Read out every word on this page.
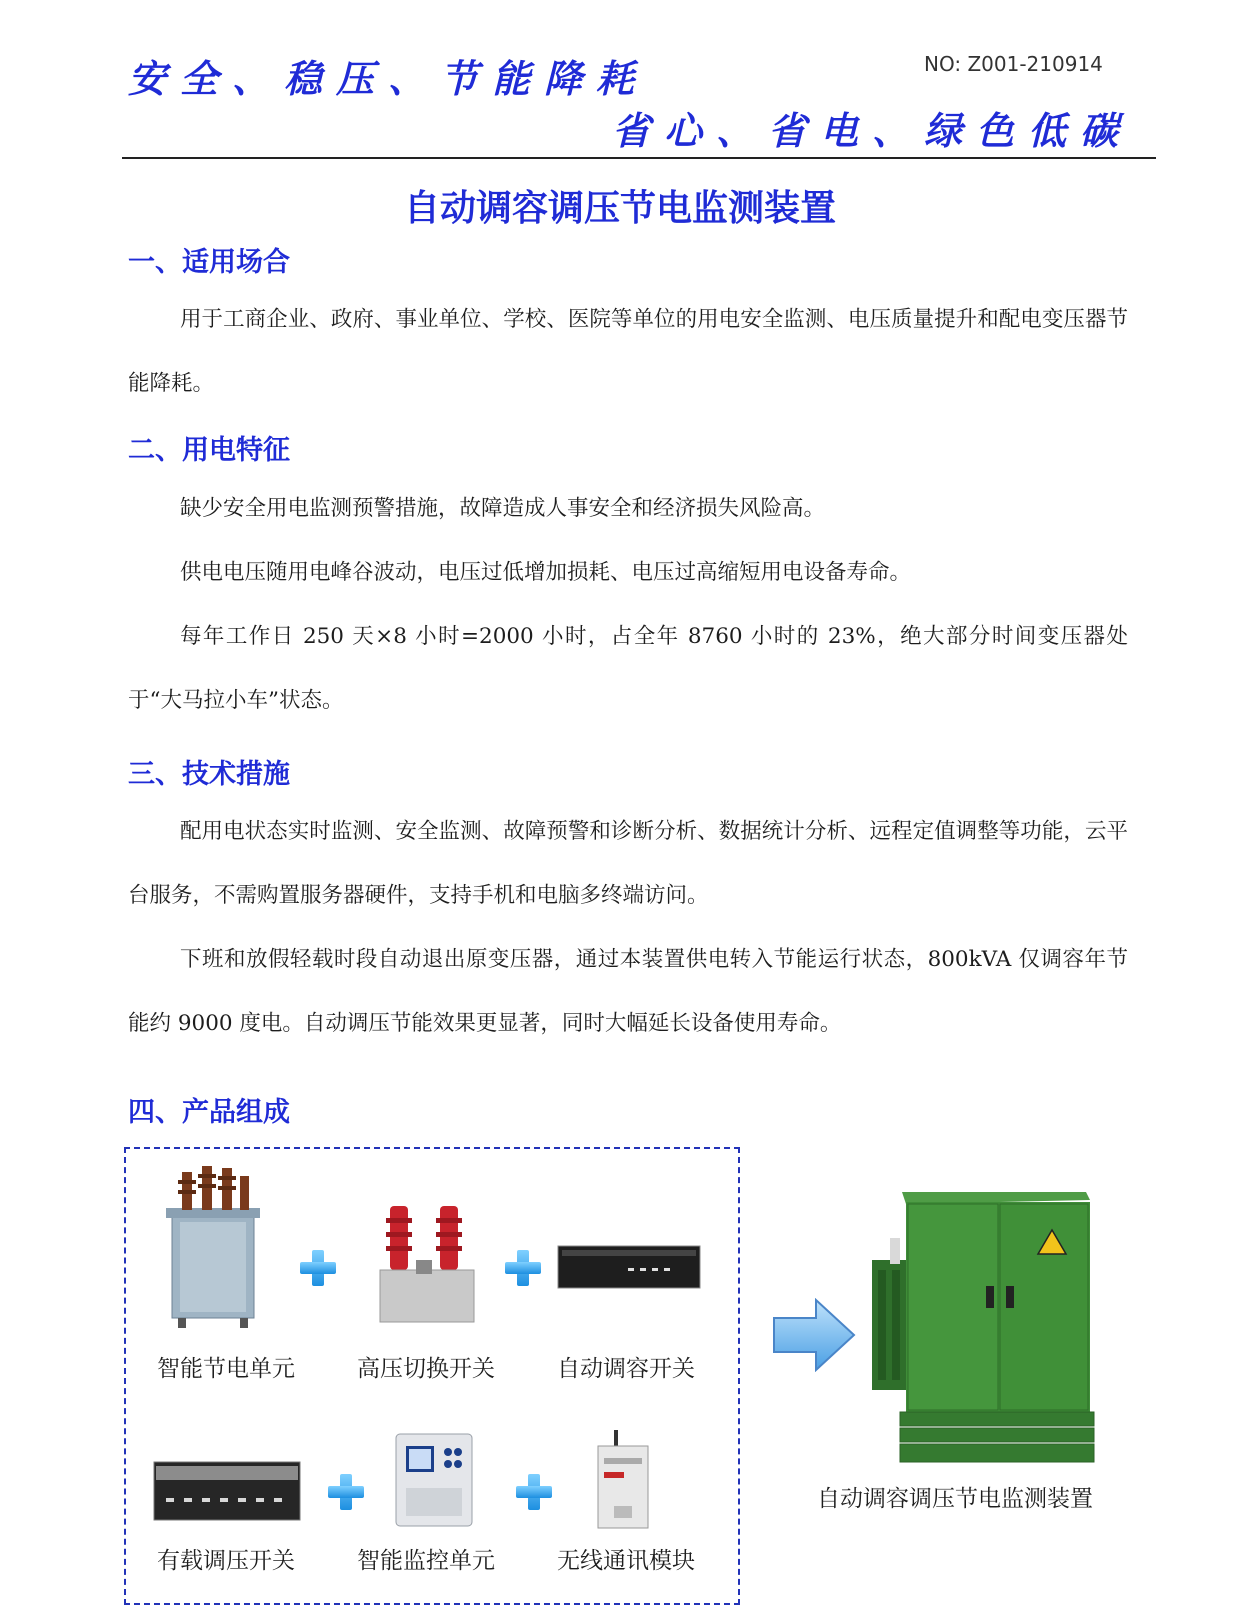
安全、稳压、节能降耗
省心、省电、绿色低碳
NO: Z001-210914
自动调容调压节电监测装置
一、适用场合
用于工商企业、政府、事业单位、学校、医院等单位的用电安全监测、电压质量提升和配电变压器节能降耗。
二、用电特征
缺少安全用电监测预警措施，故障造成人事安全和经济损失风险高。
供电电压随用电峰谷波动，电压过低增加损耗、电压过高缩短用电设备寿命。
每年工作日 250 天×8 小时=2000 小时，占全年 8760 小时的 23%，绝大部分时间变压器处于“大马拉小车”状态。
三、技术措施
配用电状态实时监测、安全监测、故障预警和诊断分析、数据统计分析、远程定值调整等功能，云平台服务，不需购置服务器硬件，支持手机和电脑多终端访问。
下班和放假轻载时段自动退出原变压器，通过本装置供电转入节能运行状态，800kVA 仅调容年节能约 9000 度电。自动调压节能效果更显著，同时大幅延长设备使用寿命。
四、产品组成
智能节电单元	高压切换开关	自动调容开关
有载调压开关	智能监控单元	无线通讯模块
自动调容调压节电监测装置
